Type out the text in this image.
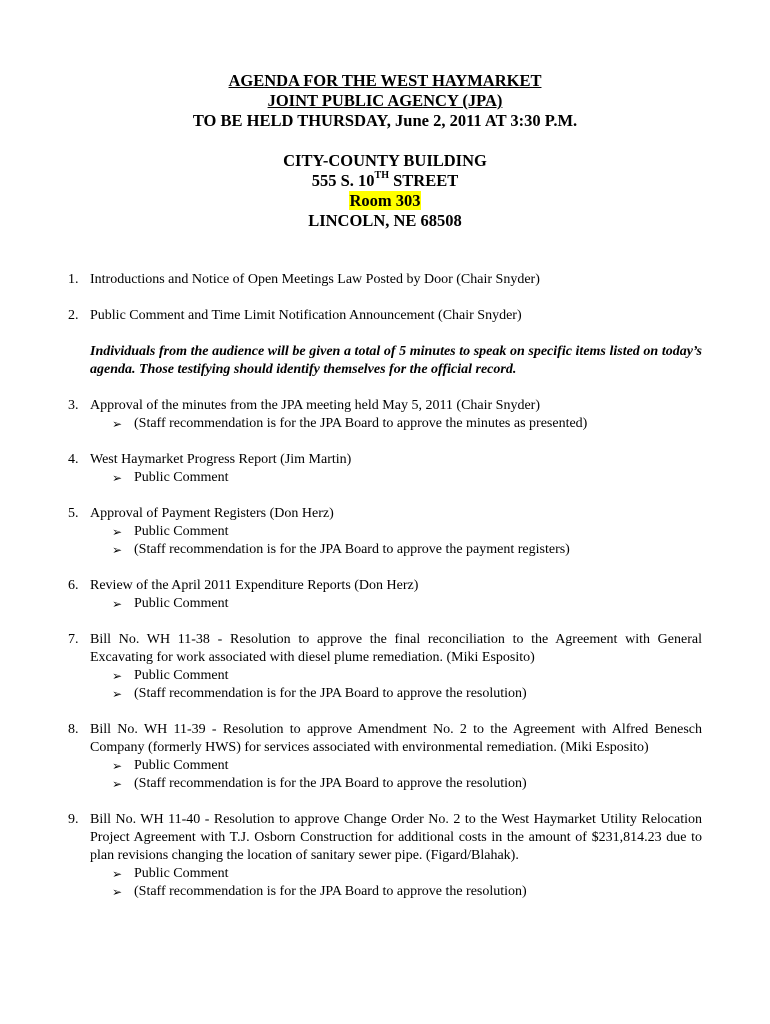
AGENDA FOR THE WEST HAYMARKET
JOINT PUBLIC AGENCY (JPA)
TO BE HELD THURSDAY, June 2, 2011 AT 3:30 P.M.
CITY-COUNTY BUILDING
555 S. 10TH STREET
Room 303
LINCOLN, NE 68508
1. Introductions and Notice of Open Meetings Law Posted by Door (Chair Snyder)
2. Public Comment and Time Limit Notification Announcement (Chair Snyder)
Individuals from the audience will be given a total of 5 minutes to speak on specific items listed on today’s agenda. Those testifying should identify themselves for the official record.
3. Approval of the minutes from the JPA meeting held May 5, 2011 (Chair Snyder)
➢ (Staff recommendation is for the JPA Board to approve the minutes as presented)
4. West Haymarket Progress Report (Jim Martin)
➢ Public Comment
5. Approval of Payment Registers (Don Herz)
➢ Public Comment
➢ (Staff recommendation is for the JPA Board to approve the payment registers)
6. Review of the April 2011 Expenditure Reports (Don Herz)
➢ Public Comment
7. Bill No. WH 11-38 - Resolution to approve the final reconciliation to the Agreement with General Excavating for work associated with diesel plume remediation. (Miki Esposito)
➢ Public Comment
➢ (Staff recommendation is for the JPA Board to approve the resolution)
8. Bill No. WH 11-39 - Resolution to approve Amendment No. 2 to the Agreement with Alfred Benesch Company (formerly HWS) for services associated with environmental remediation. (Miki Esposito)
➢ Public Comment
➢ (Staff recommendation is for the JPA Board to approve the resolution)
9. Bill No. WH 11-40 - Resolution to approve Change Order No. 2 to the West Haymarket Utility Relocation Project Agreement with T.J. Osborn Construction for additional costs in the amount of $231,814.23 due to plan revisions changing the location of sanitary sewer pipe. (Figard/Blahak).
➢ Public Comment
➢ (Staff recommendation is for the JPA Board to approve the resolution)
